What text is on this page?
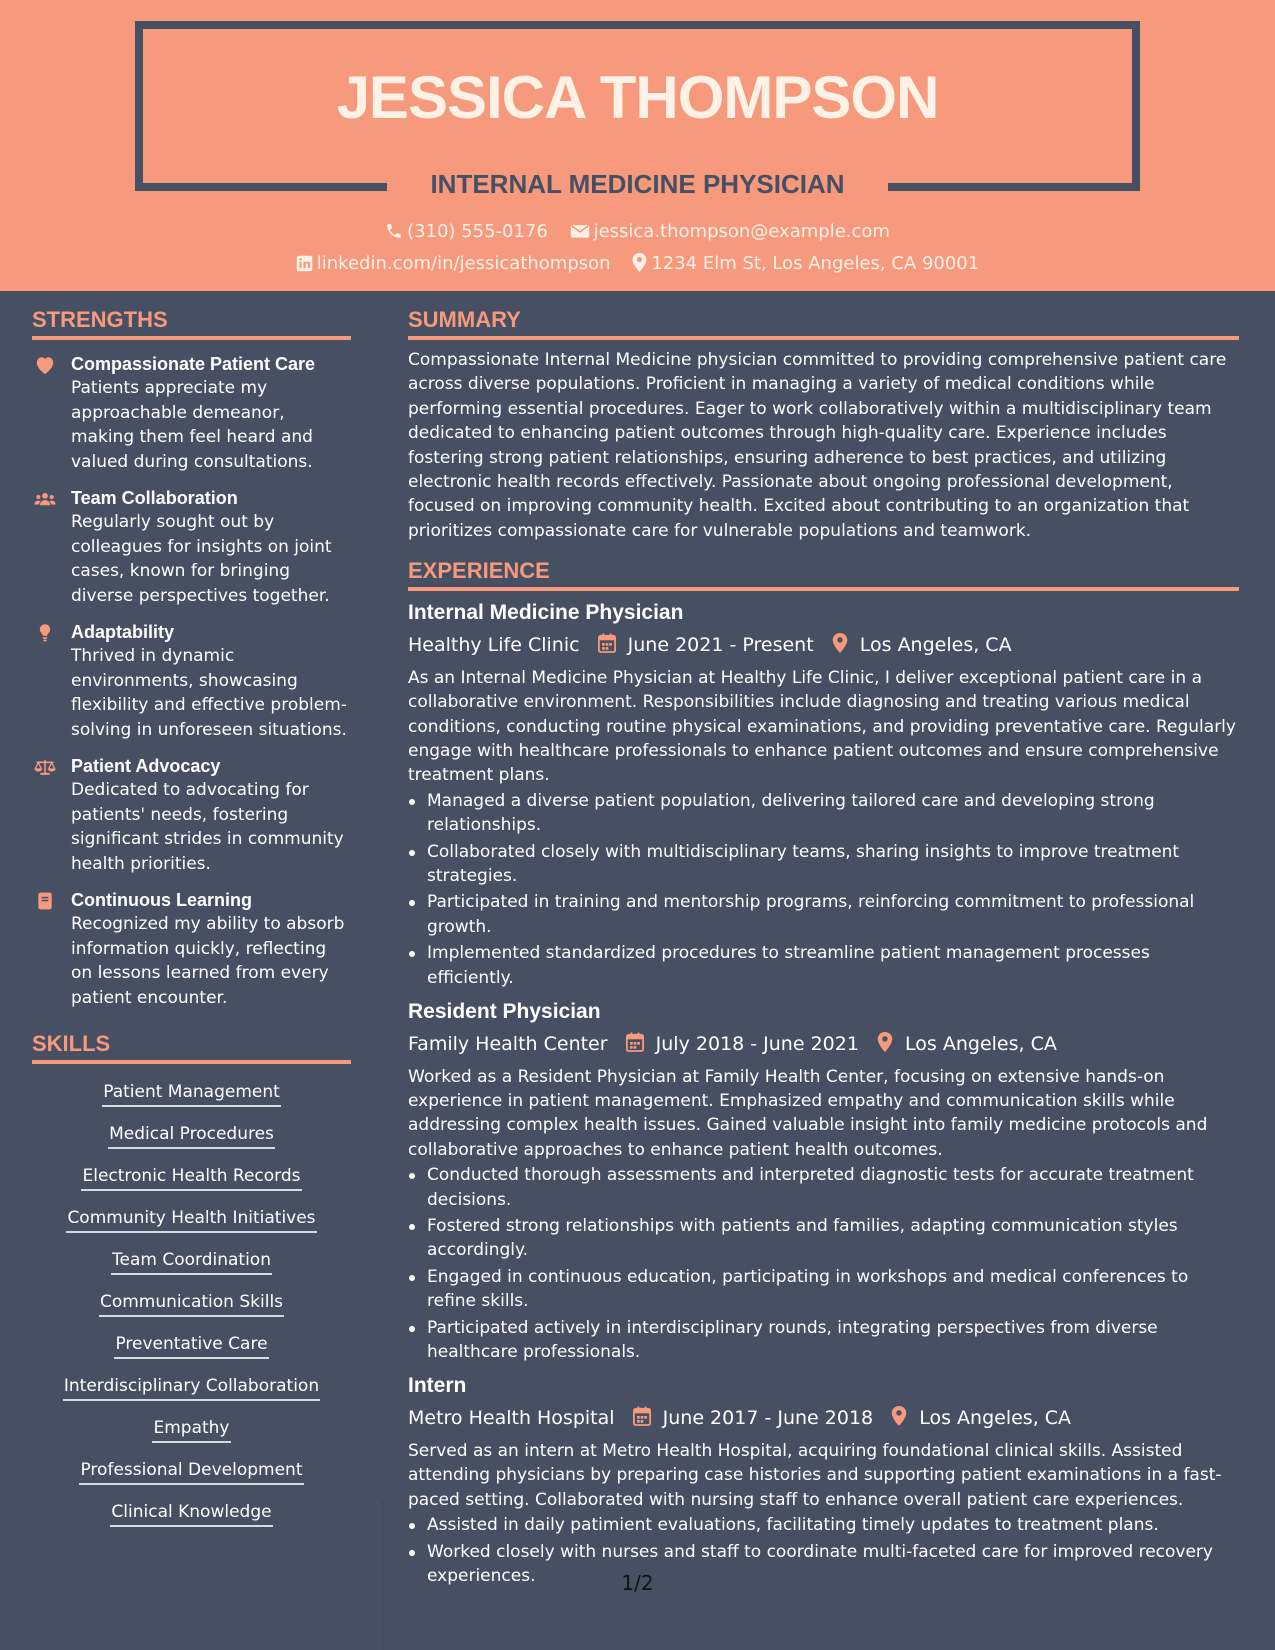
JESSICA THOMPSON
INTERNAL MEDICINE PHYSICIAN
(310) 555-0176	jessica.thompson@example.com
linkedin.com/in/jessicathompson 1234 Elm St, Los Angeles, CA 90001
STRENGTHS
Compassionate Patient Care
Patients appreciate my approachable demeanor, making them feel heard and valued during consultations.
Team Collaboration
Regularly sought out by colleagues for insights on joint cases, known for bringing diverse perspectives together.
Adaptability
Thrived in dynamic environments, showcasing flexibility and effective problem-solving in unforeseen situations.
Patient Advocacy
Dedicated to advocating for patients' needs, fostering significant strides in community health priorities.
Continuous Learning
Recognized my ability to absorb information quickly, reflecting on lessons learned from every patient encounter.
SKILLS
Patient Management
Medical Procedures
Electronic Health Records
Community Health Initiatives
Team Coordination
Communication Skills
Preventative Care
Interdisciplinary Collaboration
Empathy
Professional Development
Clinical Knowledge
SUMMARY
Compassionate Internal Medicine physician committed to providing comprehensive patient care across diverse populations. Proficient in managing a variety of medical conditions while performing essential procedures. Eager to work collaboratively within a multidisciplinary team dedicated to enhancing patient outcomes through high-quality care. Experience includes fostering strong patient relationships, ensuring adherence to best practices, and utilizing electronic health records effectively. Passionate about ongoing professional development, focused on improving community health. Excited about contributing to an organization that prioritizes compassionate care for vulnerable populations and teamwork.
EXPERIENCE
Internal Medicine Physician
Healthy Life Clinic	June 2021 - Present Los Angeles, CA
As an Internal Medicine Physician at Healthy Life Clinic, I deliver exceptional patient care in a collaborative environment. Responsibilities include diagnosing and treating various medical conditions, conducting routine physical examinations, and providing preventative care. Regularly engage with healthcare professionals to enhance patient outcomes and ensure comprehensive treatment plans.
Managed a diverse patient population, delivering tailored care and developing strong relationships.
Collaborated closely with multidisciplinary teams, sharing insights to improve treatment strategies.
Participated in training and mentorship programs, reinforcing commitment to professional growth.
Implemented standardized procedures to streamline patient management processes efficiently.
Resident Physician
Family Health Center	July 2018 - June 2021 Los Angeles, CA
Worked as a Resident Physician at Family Health Center, focusing on extensive hands-on experience in patient management. Emphasized empathy and communication skills while addressing complex health issues. Gained valuable insight into family medicine protocols and collaborative approaches to enhance patient health outcomes.
Conducted thorough assessments and interpreted diagnostic tests for accurate treatment decisions.
Fostered strong relationships with patients and families, adapting communication styles accordingly.
Engaged in continuous education, participating in workshops and medical conferences to refine skills.
Participated actively in interdisciplinary rounds, integrating perspectives from diverse healthcare professionals.
Intern
Metro Health Hospital	June 2017 - June 2018 Los Angeles, CA
Served as an intern at Metro Health Hospital, acquiring foundational clinical skills. Assisted attending physicians by preparing case histories and supporting patient examinations in a fast-paced setting. Collaborated with nursing staff to enhance overall patient care experiences.
Assisted in daily patimient evaluations, facilitating timely updates to treatment plans.
Worked closely with nurses and staff to coordinate multi-faceted care for improved recovery experiences.	1/2
